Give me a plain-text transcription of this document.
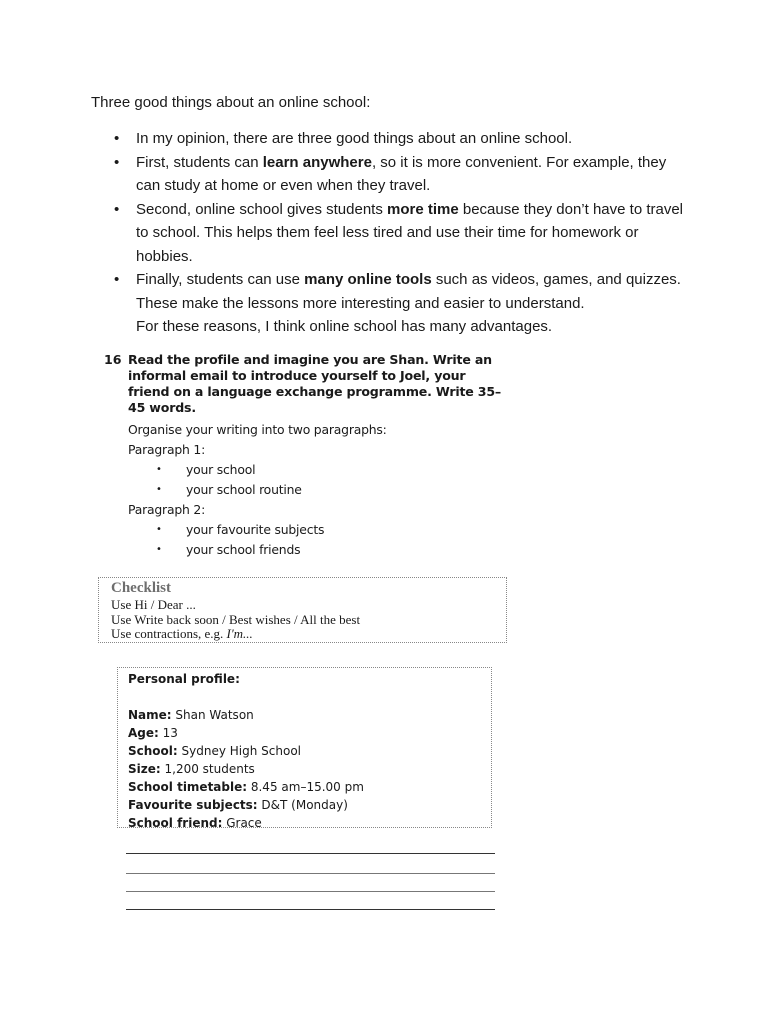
Three good things about an online school:
• In my opinion, there are three good things about an online school.
• First, students can learn anywhere, so it is more convenient. For example, they can study at home or even when they travel.
• Second, online school gives students more time because they don’t have to travel to school. This helps them feel less tired and use their time for homework or hobbies.
• Finally, students can use many online tools such as videos, games, and quizzes. These make the lessons more interesting and easier to understand.
For these reasons, I think online school has many advantages.
16 Read the profile and imagine you are Shan. Write an informal email to introduce yourself to Joel, your friend on a language exchange programme. Write 35–45 words.
Organise your writing into two paragraphs:
Paragraph 1:
• your school
• your school routine
Paragraph 2:
• your favourite subjects
• your school friends
Checklist
Use Hi / Dear ...
Use Write back soon / Best wishes / All the best
Use contractions, e.g. I'm...
Personal profile:
Name: Shan Watson
Age: 13
School: Sydney High School
Size: 1,200 students
School timetable: 8.45 am–15.00 pm
Favourite subjects: D&T (Monday)
School friend: Grace
